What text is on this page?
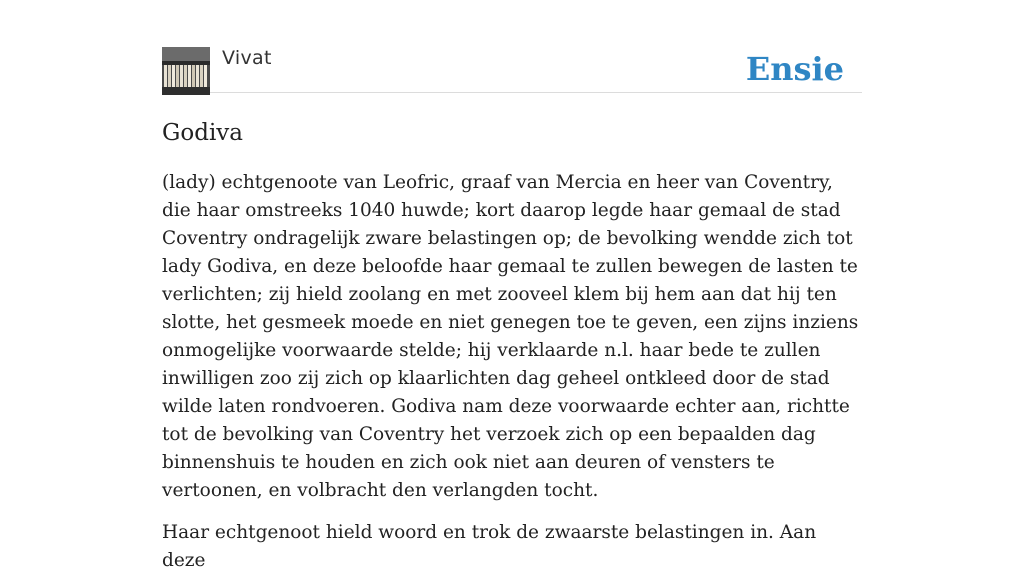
Vivat	Ensie
Godiva

(lady) echtgenoote van Leofric, graaf van Mercia en heer van Coventry, die haar omstreeks 1040 huwde; kort daarop legde haar gemaal de stad Coventry ondragelijk zware belastingen op; de bevolking wendde zich tot lady Godiva, en deze beloofde haar gemaal te zullen bewegen de lasten te verlichten; zij hield zoolang en met zooveel klem bij hem aan dat hij ten slotte, het gesmeek moede en niet genegen toe te geven, een zijns inziens onmogelijke voorwaarde stelde; hij verklaarde n.l. haar bede te zullen inwilligen zoo zij zich op klaarlichten dag geheel ontkleed door de stad wilde laten rondvoeren. Godiva nam deze voorwaarde echter aan, richtte tot de bevolking van Coventry het verzoek zich op een bepaalden dag binnenshuis te houden en zich ook niet aan deuren of vensters te vertoonen, en volbracht den verlangden tocht.

Haar echtgenoot hield woord en trok de zwaarste belastingen in. Aan deze
